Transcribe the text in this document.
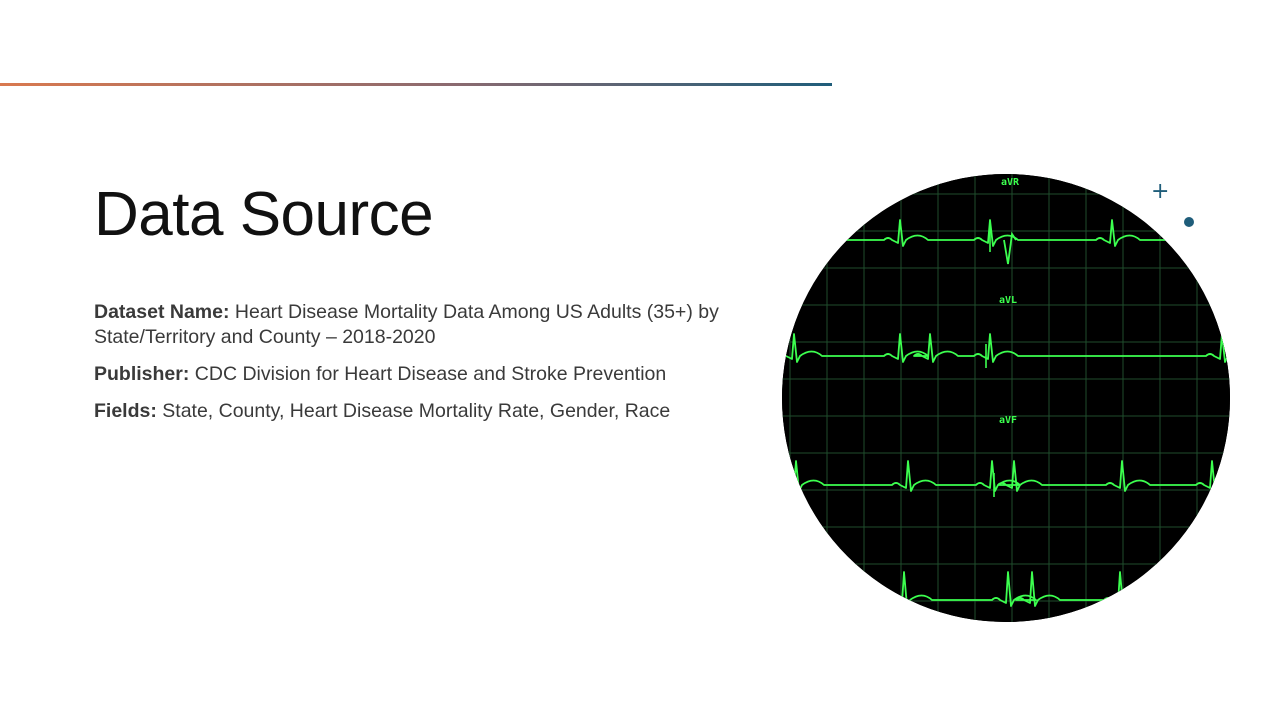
Data Source

Dataset Name: Heart Disease Mortality Data Among US Adults (35+) by State/Territory and County – 2018-2020

Publisher: CDC Division for Heart Disease and Stroke Prevention

Fields: State, County, Heart Disease Mortality Rate, Gender, Race

+
aVR
aVL
aVF
